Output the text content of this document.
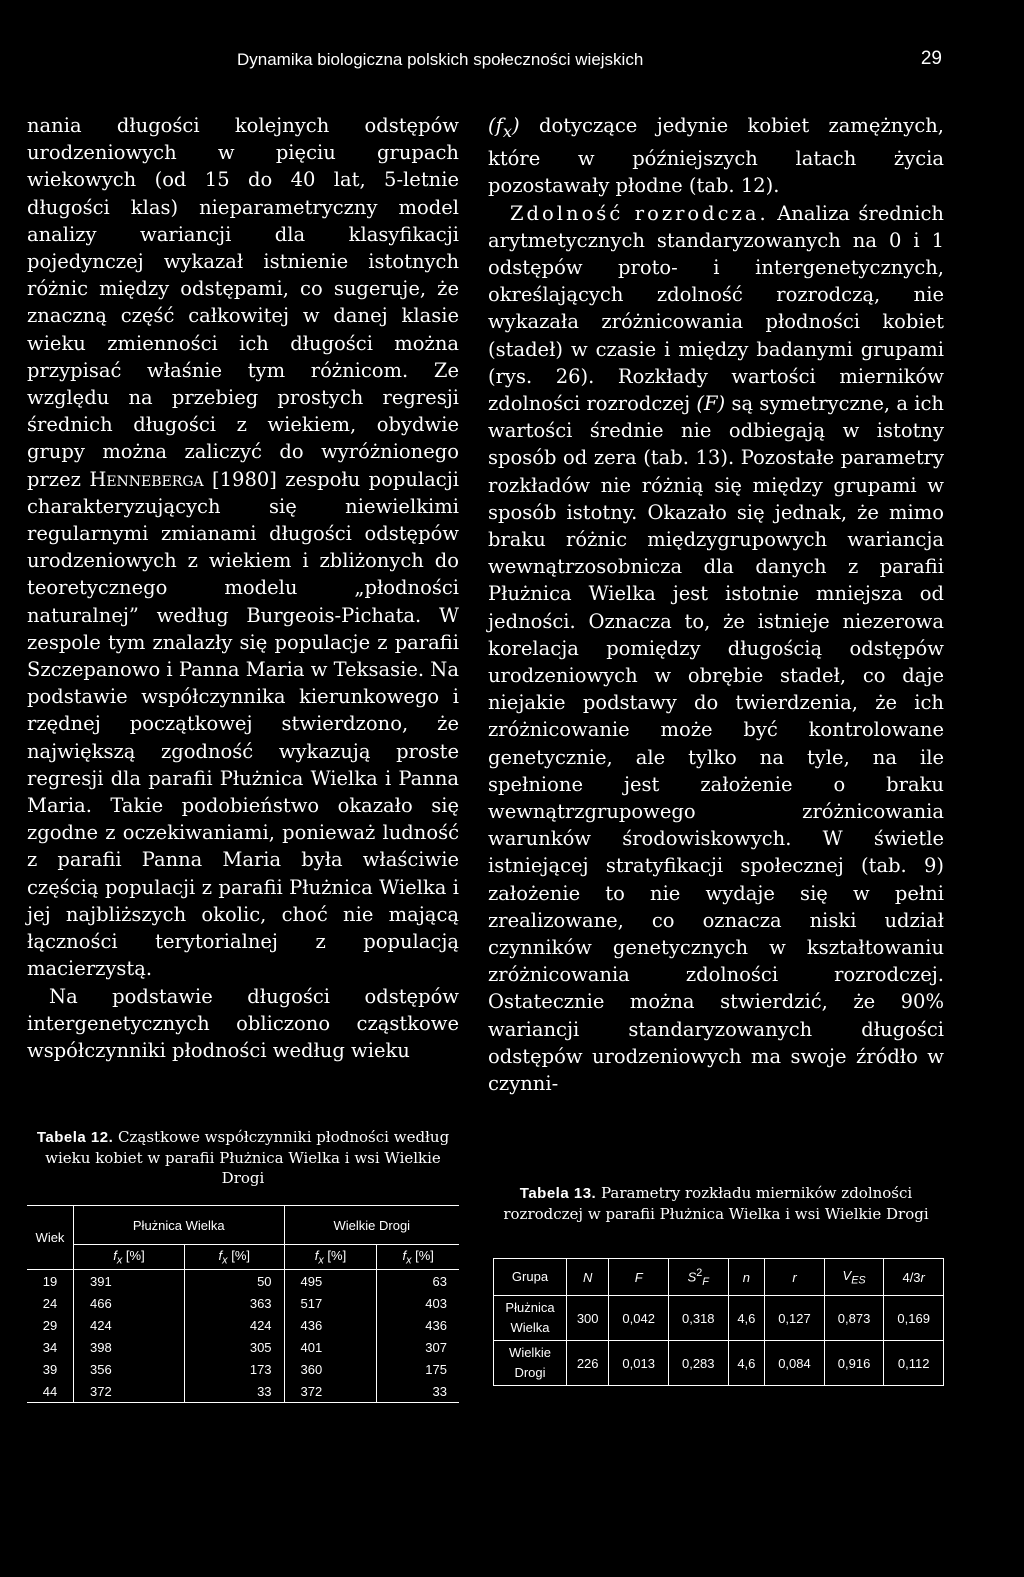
Dynamika biologiczna polskich społeczności wiejskich	29

nania długości kolejnych odstępów urodzeniowych w pięciu grupach wiekowych (od 15 do 40 lat, 5-letnie długości klas) nieparametryczny model analizy wariancji dla klasyfikacji pojedynczej wykazał istnienie istotnych różnic między odstępami, co sugeruje, że znaczną część całkowitej w danej klasie wieku zmienności ich długości można przypisać właśnie tym różnicom. Ze względu na przebieg prostych regresji średnich długości z wiekiem, obydwie grupy można zaliczyć do wyróżnionego przez Henneberga [1980] zespołu populacji charakteryzujących się niewielkimi regularnymi zmianami długości odstępów urodzeniowych z wiekiem i zbliżonych do teoretycznego modelu „płodności naturalnej” według Burgeois-Pichata. W zespole tym znalazły się populacje z parafii Szczepanowo i Panna Maria w Teksasie. Na podstawie współczynnika kierunkowego i rzędnej początkowej stwierdzono, że największą zgodność wykazują proste regresji dla parafii Płużnica Wielka i Panna Maria. Takie podobieństwo okazało się zgodne z oczekiwaniami, ponieważ ludność z parafii Panna Maria była właściwie częścią populacji z parafii Płużnica Wielka i jej najbliższych okolic, choć nie mającą łączności terytorialnej z populacją macierzystą.

Na podstawie długości odstępów intergenetycznych obliczono cząstkowe współczynniki płodności według wieku

$(f_x)$ dotyczące jedynie kobiet zamężnych, które w późniejszych latach życia pozostawały płodne (tab. 12).

Zdolność rozrodcza. Analiza średnich arytmetycznych standaryzowanych na 0 i 1 odstępów proto- i intergenetycznych, określających zdolność rozrodczą, nie wykazała zróżnicowania płodności kobiet (stadeł) w czasie i między badanymi grupami (rys. 26). Rozkłady wartości mierników zdolności rozrodczej (F) są symetryczne, a ich wartości średnie nie odbiegają w istotny sposób od zera (tab. 13). Pozostałe parametry rozkładów nie różnią się między grupami w sposób istotny. Okazało się jednak, że mimo braku różnic międzygrupowych wariancja wewnątrzosobnicza dla danych z parafii Płużnica Wielka jest istotnie mniejsza od jedności. Oznacza to, że istnieje niezerowa korelacja pomiędzy długością odstępów urodzeniowych w obrębie stadeł, co daje niejakie podstawy do twierdzenia, że ich zróżnicowanie może być kontrolowane genetycznie, ale tylko na tyle, na ile spełnione jest założenie o braku wewnątrzgrupowego zróżnicowania warunków środowiskowych. W świetle istniejącej stratyfikacji społecznej (tab. 9) założenie to nie wydaje się w pełni zrealizowane, co oznacza niski udział czynników genetycznych w kształtowaniu zróżnicowania zdolności rozrodczej. Ostatecznie można stwierdzić, że 90% wariancji standaryzowanych długości odstępów urodzeniowych ma swoje źródło w czynni-

Tabela 12. Cząstkowe współczynniki płodności według wieku kobiet w parafii Płużnica Wielka i wsi Wielkie Drogi
Wiek	Płużnica Wielka		Wielkie Drogi	
	$f_x$ [%]	$f_x$ [%]	$f_x$ [%]	$f_x$ [%]
19	391	50	495	63
24	466	363	517	403
29	424	424	436	436
34	398	305	401	307
39	356	173	360	175
44	372	33	372	33
Tabela 13. Parametry rozkładu mierników zdolności rozrodczej w parafii Płużnica Wielka i wsi Wielkie Drogi
Grupa	N	F	$S^2_F$	n	r	$V_{ES}$	4/3r
Płużnica Wielka	300	0,042	0,318	4,6	0,127	0,873	0,169
Wielkie Drogi	226	0,013	0,283	4,6	0,084	0,916	0,112
